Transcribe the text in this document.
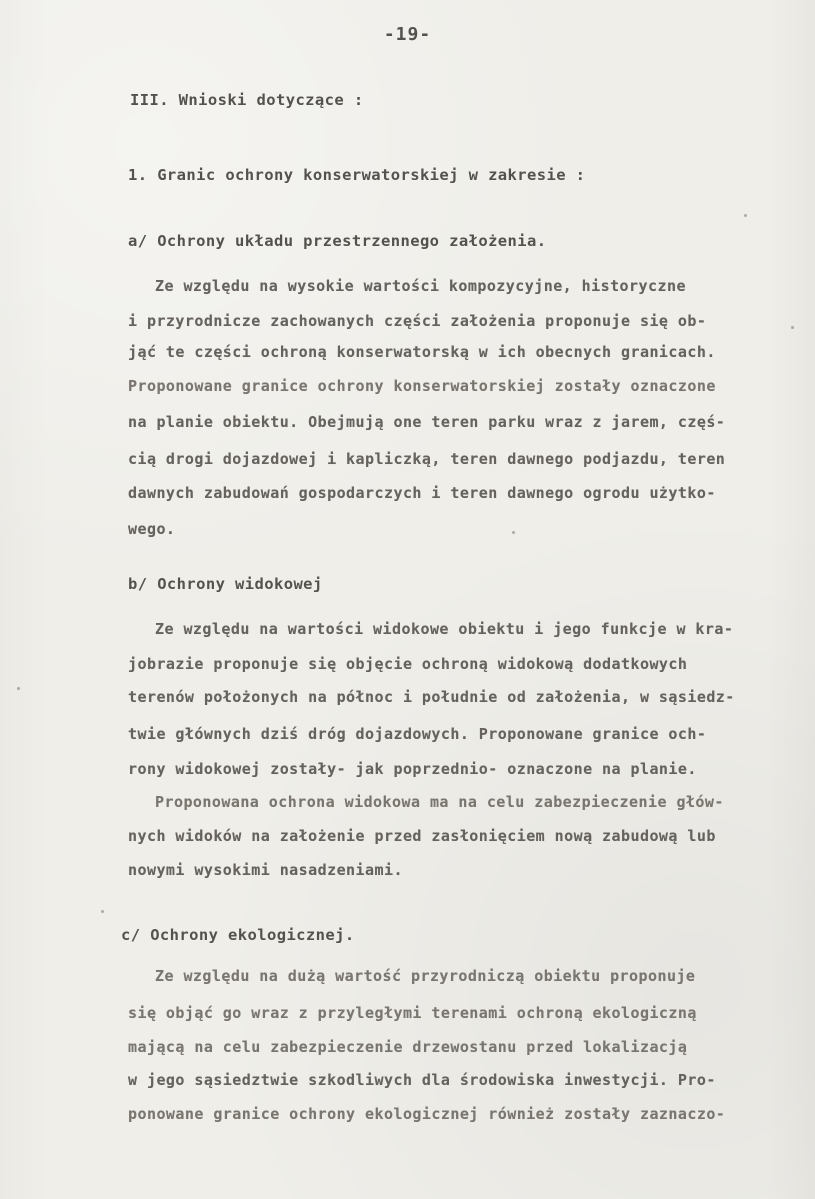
-19-
III. Wnioski dotyczące :
1. Granic ochrony konserwatorskiej w zakresie :
a/ Ochrony układu przestrzennego założenia.
Ze względu na wysokie wartości kompozycyjne, historyczne
i przyrodnicze zachowanych części założenia proponuje się ob-
jąć te części ochroną konserwatorską w ich obecnych granicach.
Proponowane granice ochrony konserwatorskiej zostały oznaczone
na planie obiektu. Obejmują one teren parku wraz z jarem, częś-
cią drogi dojazdowej i kapliczką, teren dawnego podjazdu, teren
dawnych zabudowań gospodarczych i teren dawnego ogrodu użytko-
wego.
b/ Ochrony widokowej
Ze względu na wartości widokowe obiektu i jego funkcje w kra-
jobrazie proponuje się objęcie ochroną widokową dodatkowych
terenów położonych na północ i południe od założenia, w sąsiedz-
twie głównych dziś dróg dojazdowych. Proponowane granice och-
rony widokowej zostały- jak poprzednio- oznaczone na planie.
Proponowana ochrona widokowa ma na celu zabezpieczenie głów-
nych widoków na założenie przed zasłonięciem nową zabudową lub
nowymi wysokimi nasadzeniami.
c/ Ochrony ekologicznej.
Ze względu na dużą wartość przyrodniczą obiektu proponuje
się objąć go wraz z przyległymi terenami ochroną ekologiczną
mającą na celu zabezpieczenie drzewostanu przed lokalizacją
w jego sąsiedztwie szkodliwych dla środowiska inwestycji. Pro-
ponowane granice ochrony ekologicznej również zostały zaznaczo-
